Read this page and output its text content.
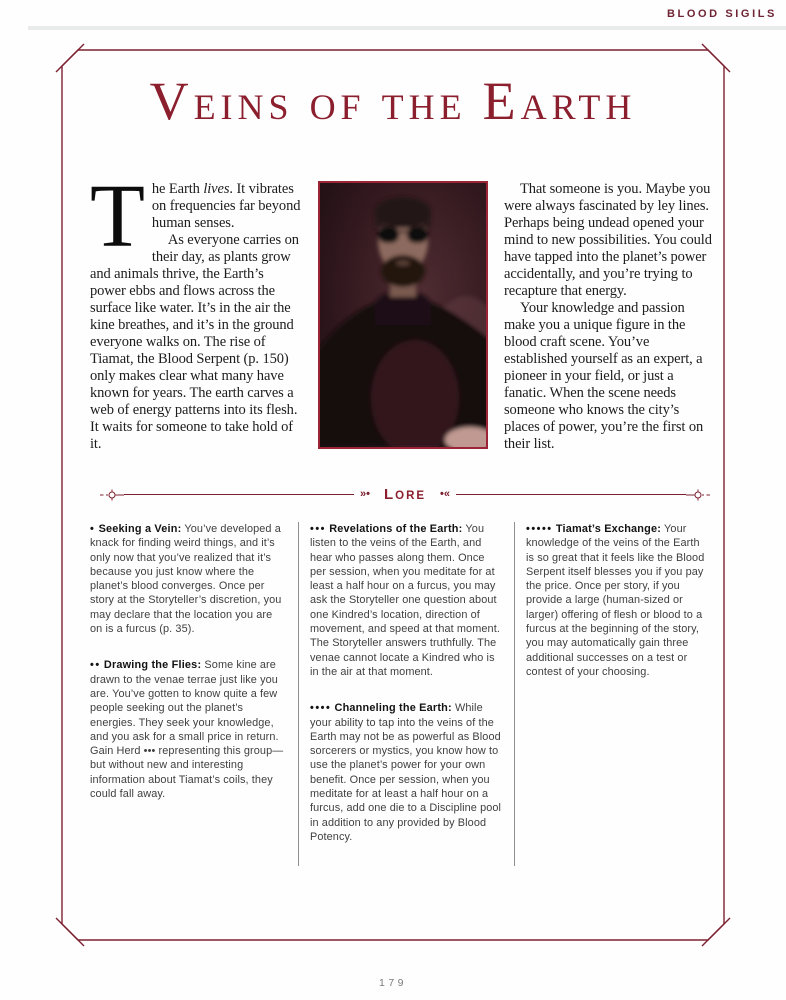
BLOOD SIGILS
VEINS OF THE EARTH
T he Earth lives. It vibrates on frequencies far beyond human senses.

As everyone carries on their day, as plants grow and animals thrive, the Earth’s power ebbs and flows across the surface like water. It’s in the air the kine breathes, and it’s in the ground everyone walks on. The rise of Tiamat, the Blood Serpent (p. 150) only makes clear what many have known for years. The earth carves a web of energy patterns into its flesh. It waits for someone to take hold of it.

That someone is you. Maybe you were always fascinated by ley lines. Perhaps being undead opened your mind to new possibilities. You could have tapped into the planet’s power accidentally, and you’re trying to recapture that energy.

Your knowledge and passion make you a unique figure in the blood craft scene. You’ve established yourself as an expert, a pioneer in your field, or just a fanatic. When the scene needs someone who knows the city’s places of power, you’re the first on their list.

»• LORE •«

• Seeking a Vein: You’ve developed a knack for finding weird things, and it’s only now that you’ve realized that it’s because you just know where the planet’s blood converges. Once per story at the Storyteller’s discretion, you may declare that the location you are on is a furcus (p. 35).

•• Drawing the Flies: Some kine are drawn to the venae terrae just like you are. You’ve gotten to know quite a few people seeking out the planet’s energies. They seek your knowledge, and you ask for a small price in return. Gain Herd ••• representing this group—but without new and interesting information about Tiamat’s coils, they could fall away.

••• Revelations of the Earth: You listen to the veins of the Earth, and hear who passes along them. Once per session, when you meditate for at least a half hour on a furcus, you may ask the Storyteller one question about one Kindred’s location, direction of movement, and speed at that moment. The Storyteller answers truthfully. The venae cannot locate a Kindred who is in the air at that moment.

•••• Channeling the Earth: While your ability to tap into the veins of the Earth may not be as powerful as Blood sorcerers or mystics, you know how to use the planet’s power for your own benefit. Once per session, when you meditate for at least a half hour on a furcus, add one die to a Discipline pool in addition to any provided by Blood Potency.

••••• Tiamat’s Exchange: Your knowledge of the veins of the Earth is so great that it feels like the Blood Serpent itself blesses you if you pay the price. Once per story, if you provide a large (human-sized or larger) offering of flesh or blood to a furcus at the beginning of the story, you may automatically gain three additional successes on a test or contest of your choosing.

179
